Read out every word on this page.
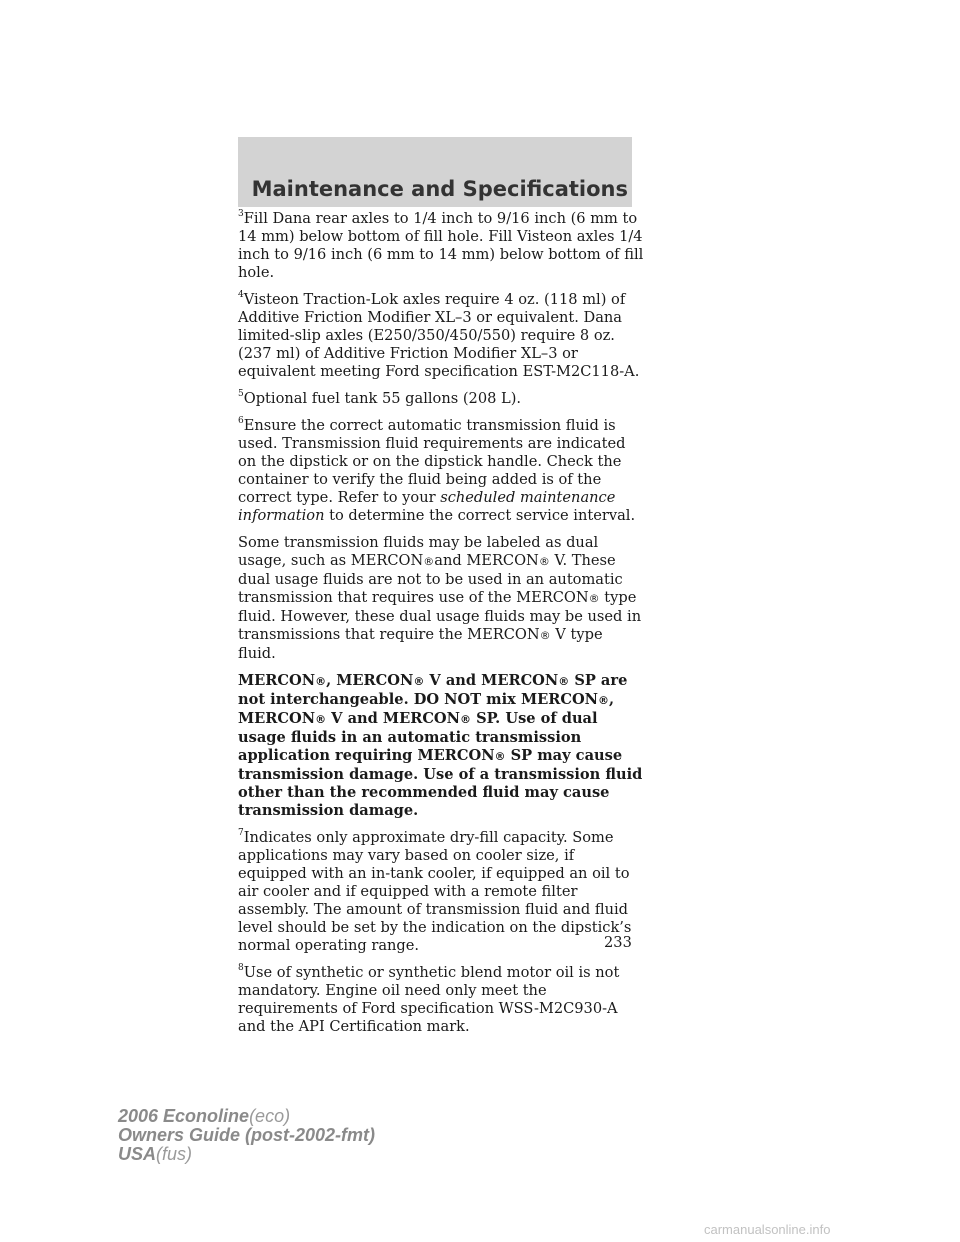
Maintenance and Specifications

$^3$Fill Dana rear axles to 1/4 inch to 9/16 inch (6 mm to 14 mm) below bottom of fill hole. Fill Visteon axles 1/4 inch to 9/16 inch (6 mm to 14 mm) below bottom of fill hole.

$^4$Visteon Traction-Lok axles require 4 oz. (118 ml) of Additive Friction Modifier XL–3 or equivalent. Dana limited-slip axles (E250/350/450/550) require 8 oz. (237 ml) of Additive Friction Modifier XL–3 or equivalent meeting Ford specification EST-M2C118-A.

$^5$Optional fuel tank 55 gallons (208 L).

$^6$Ensure the correct automatic transmission fluid is used. Transmission fluid requirements are indicated on the dipstick or on the dipstick handle. Check the container to verify the fluid being added is of the correct type. Refer to your scheduled maintenance information to determine the correct service interval.

Some transmission fluids may be labeled as dual usage, such as MERCON®and MERCON® V. These dual usage fluids are not to be used in an automatic transmission that requires use of the MERCON® type fluid. However, these dual usage fluids may be used in transmissions that require the MERCON® V type fluid.

MERCON®, MERCON® V and MERCON® SP are not interchangeable. DO NOT mix MERCON®, MERCON® V and MERCON® SP. Use of dual usage fluids in an automatic transmission application requiring MERCON® SP may cause transmission damage. Use of a transmission fluid other than the recommended fluid may cause transmission damage.

$^7$Indicates only approximate dry-fill capacity. Some applications may vary based on cooler size, if equipped with an in-tank cooler, if equipped an oil to air cooler and if equipped with a remote filter assembly. The amount of transmission fluid and fluid level should be set by the indication on the dipstick’s normal operating range.

$^8$Use of synthetic or synthetic blend motor oil is not mandatory. Engine oil need only meet the requirements of Ford specification WSS-M2C930-A and the API Certification mark.

233
2006 Econoline(eco)
Owners Guide (post-2002-fmt)
USA(fus)
carmanualsonline.info
